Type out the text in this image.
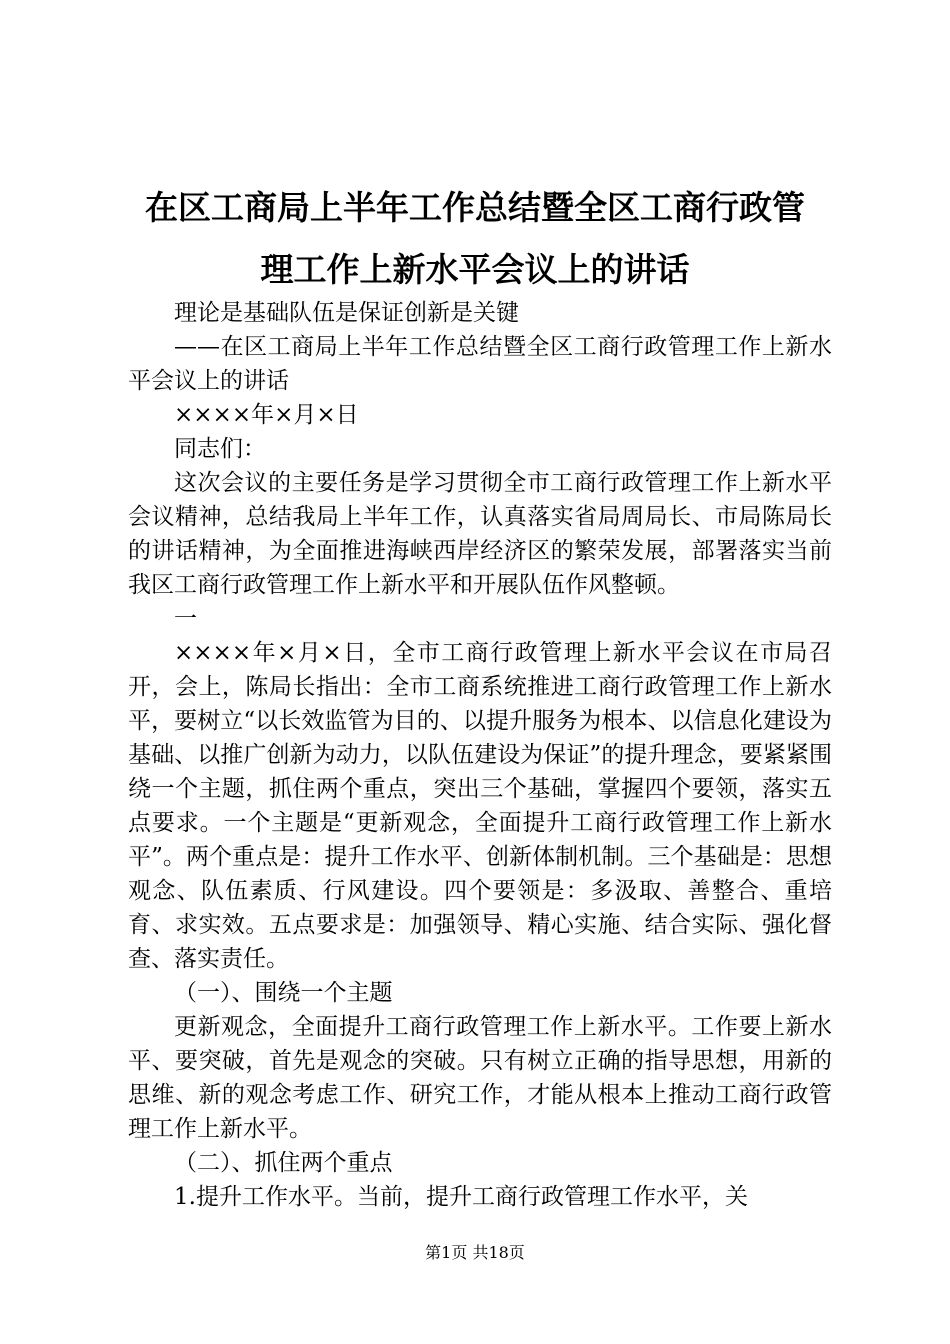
在区工商局上半年工作总结暨全区工商行政管
理工作上新水平会议上的讲话

理论是基础队伍是保证创新是关键

——在区工商局上半年工作总结暨全区工商行政管理工作上新水平会议上的讲话

××××年×月×日

同志们：

这次会议的主要任务是学习贯彻全市工商行政管理工作上新水平会议精神，总结我局上半年工作，认真落实省局周局长、市局陈局长的讲话精神，为全面推进海峡西岸经济区的繁荣发展，部署落实当前我区工商行政管理工作上新水平和开展队伍作风整顿。

一

××××年×月×日，全市工商行政管理上新水平会议在市局召开，会上，陈局长指出：全市工商系统推进工商行政管理工作上新水平，要树立“以长效监管为目的、以提升服务为根本、以信息化建设为基础、以推广创新为动力，以队伍建设为保证”的提升理念，要紧紧围绕一个主题，抓住两个重点，突出三个基础，掌握四个要领，落实五点要求。一个主题是“更新观念，全面提升工商行政管理工作上新水平”。两个重点是：提升工作水平、创新体制机制。三个基础是：思想观念、队伍素质、行风建设。四个要领是：多汲取、善整合、重培育、求实效。五点要求是：加强领导、精心实施、结合实际、强化督查、落实责任。

（一）、围绕一个主题

更新观念，全面提升工商行政管理工作上新水平。工作要上新水平、要突破，首先是观念的突破。只有树立正确的指导思想，用新的思维、新的观念考虑工作、研究工作，才能从根本上推动工商行政管理工作上新水平。

（二）、抓住两个重点

1.提升工作水平。当前，提升工商行政管理工作水平，关

第1页 共18页
